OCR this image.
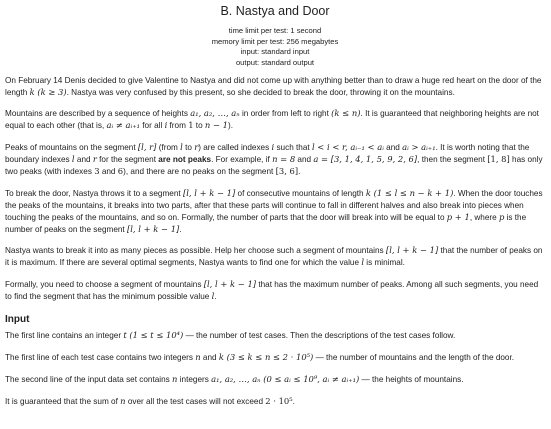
B. Nastya and Door
time limit per test: 1 second
memory limit per test: 256 megabytes
input: standard input
output: standard output

On February 14 Denis decided to give Valentine to Nastya and did not come up with anything better than to draw a huge red heart on the door of the length k (k ≥ 3). Nastya was very confused by this present, so she decided to break the door, throwing it on the mountains.

Mountains are described by a sequence of heights a₁, a₂, …, aₙ in order from left to right (k ≤ n). It is guaranteed that neighboring heights are not equal to each other (that is, aᵢ ≠ aᵢ₊₁ for all i from 1 to n − 1).

Peaks of mountains on the segment [l, r] (from l to r) are called indexes i such that l < i < r, aᵢ₋₁ < aᵢ and aᵢ > aᵢ₊₁. It is worth noting that the boundary indexes l and r for the segment are not peaks. For example, if n = 8 and a = [3, 1, 4, 1, 5, 9, 2, 6], then the segment [1, 8] has only two peaks (with indexes 3 and 6), and there are no peaks on the segment [3, 6].

To break the door, Nastya throws it to a segment [l, l + k − 1] of consecutive mountains of length k (1 ≤ l ≤ n − k + 1). When the door touches the peaks of the mountains, it breaks into two parts, after that these parts will continue to fall in different halves and also break into pieces when touching the peaks of the mountains, and so on. Formally, the number of parts that the door will break into will be equal to p + 1, where p is the number of peaks on the segment [l, l + k − 1].

Nastya wants to break it into as many pieces as possible. Help her choose such a segment of mountains [l, l + k − 1] that the number of peaks on it is maximum. If there are several optimal segments, Nastya wants to find one for which the value l is minimal.

Formally, you need to choose a segment of mountains [l, l + k − 1] that has the maximum number of peaks. Among all such segments, you need to find the segment that has the minimum possible value l.

Input

The first line contains an integer t (1 ≤ t ≤ 10⁴) — the number of test cases. Then the descriptions of the test cases follow.

The first line of each test case contains two integers n and k (3 ≤ k ≤ n ≤ 2 · 10⁵) — the number of mountains and the length of the door.

The second line of the input data set contains n integers a₁, a₂, …, aₙ (0 ≤ aᵢ ≤ 10⁹, aᵢ ≠ aᵢ₊₁) — the heights of mountains.

It is guaranteed that the sum of n over all the test cases will not exceed 2 · 10⁵.
